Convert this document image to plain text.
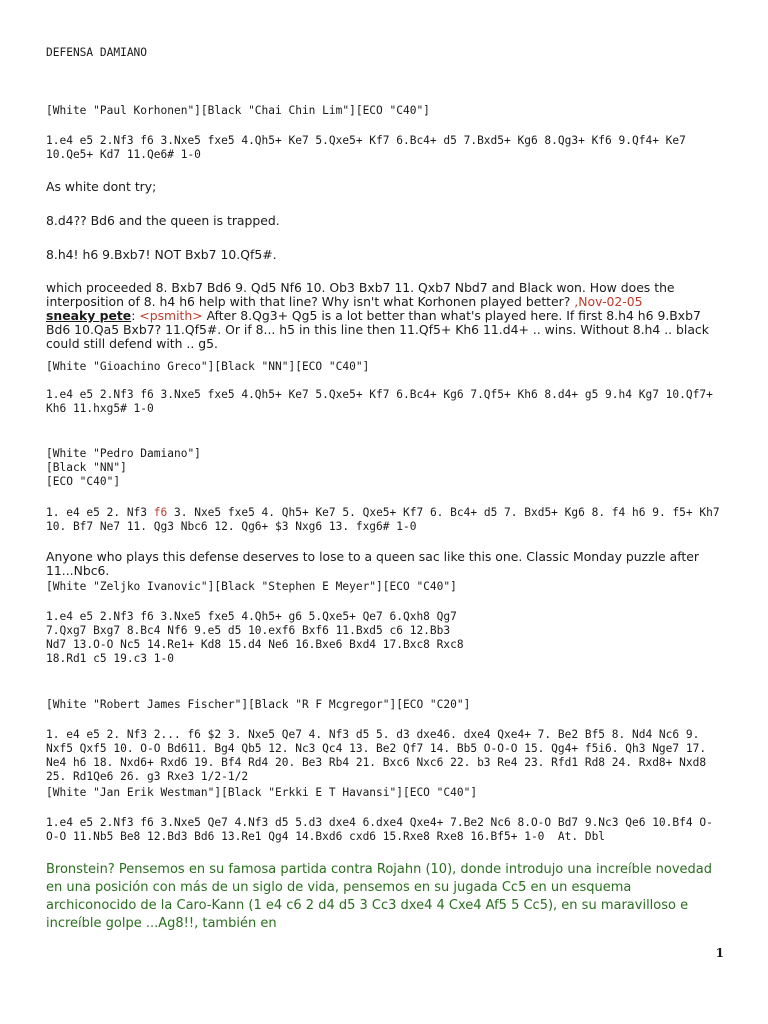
DEFENSA DAMIANO
[White "Paul Korhonen"][Black "Chai Chin Lim"][ECO "C40"]
1.e4 e5 2.Nf3 f6 3.Nxe5 fxe5 4.Qh5+ Ke7 5.Qxe5+ Kf7 6.Bc4+ d5 7.Bxd5+ Kg6 8.Qg3+ Kf6 9.Qf4+ Ke7 10.Qe5+ Kd7 11.Qe6# 1-0
As white dont try;
8.d4?? Bd6 and the queen is trapped.
8.h4! h6 9.Bxb7! NOT Bxb7 10.Qf5#.
which proceeded 8. Bxb7 Bd6 9. Qd5 Nf6 10. Ob3 Bxb7 11. Qxb7 Nbd7 and Black won. How does the interposition of 8. h4 h6 help with that line? Why isn't what Korhonen played better? ,Nov-02-05
sneaky pete: <psmith> After 8.Qg3+ Qg5 is a lot better than what's played here. If first 8.h4 h6 9.Bxb7 Bd6 10.Qa5 Bxb7? 11.Qf5#. Or if 8... h5 in this line then 11.Qf5+ Kh6 11.d4+ .. wins. Without 8.h4 .. black could still defend with .. g5.
[White "Gioachino Greco"][Black "NN"][ECO "C40"]
1.e4 e5 2.Nf3 f6 3.Nxe5 fxe5 4.Qh5+ Ke7 5.Qxe5+ Kf7 6.Bc4+ Kg6 7.Qf5+ Kh6 8.d4+ g5 9.h4 Kg7 10.Qf7+ Kh6 11.hxg5# 1-0
[White "Pedro Damiano"]
[Black "NN"]
[ECO "C40"]
1. e4 e5 2. Nf3 f6 3. Nxe5 fxe5 4. Qh5+ Ke7 5. Qxe5+ Kf7 6. Bc4+ d5 7. Bxd5+ Kg6 8. f4 h6 9. f5+ Kh7 10. Bf7 Ne7 11. Qg3 Nbc6 12. Qg6+ $3 Nxg6 13. fxg6# 1-0
Anyone who plays this defense deserves to lose to a queen sac like this one. Classic Monday puzzle after 11...Nbc6.
[White "Zeljko Ivanovic"][Black "Stephen E Meyer"][ECO "C40"]
1.e4 e5 2.Nf3 f6 3.Nxe5 fxe5 4.Qh5+ g6 5.Qxe5+ Qe7 6.Qxh8 Qg7
7.Qxg7 Bxg7 8.Bc4 Nf6 9.e5 d5 10.exf6 Bxf6 11.Bxd5 c6 12.Bb3
Nd7 13.O-O Nc5 14.Re1+ Kd8 15.d4 Ne6 16.Bxe6 Bxd4 17.Bxc8 Rxc8
18.Rd1 c5 19.c3 1-0
[White "Robert James Fischer"][Black "R F Mcgregor"][ECO "C20"]
1. e4 e5 2. Nf3 2... f6 $2 3. Nxe5 Qe7 4. Nf3 d5 5. d3 dxe46. dxe4 Qxe4+ 7. Be2 Bf5 8. Nd4 Nc6 9. Nxf5 Qxf5 10. O-O Bd611. Bg4 Qb5 12. Nc3 Qc4 13. Be2 Qf7 14. Bb5 O-O-O 15. Qg4+ f5i6. Qh3 Nge7 17. Ne4 h6 18. Nxd6+ Rxd6 19. Bf4 Rd4 20. Be3 Rb4 21. Bxc6 Nxc6 22. b3 Re4 23. Rfd1 Rd8 24. Rxd8+ Nxd8 25. Rd1Qe6 26. g3 Rxe3 1/2-1/2
[White "Jan Erik Westman"][Black "Erkki E T Havansi"][ECO "C40"]
1.e4 e5 2.Nf3 f6 3.Nxe5 Qe7 4.Nf3 d5 5.d3 dxe4 6.dxe4 Qxe4+ 7.Be2 Nc6 8.O-O Bd7 9.Nc3 Qe6 10.Bf4 O-O-O 11.Nb5 Be8 12.Bd3 Bd6 13.Re1 Qg4 14.Bxd6 cxd6 15.Rxe8 Rxe8 16.Bf5+ 1-0  At. Dbl
Bronstein? Pensemos en su famosa partida contra Rojahn (10), donde introdujo una increíble novedad en una posición con más de un siglo de vida, pensemos en su jugada Cc5 en un esquema archiconocido de la Caro-Kann (1 e4 c6 2 d4 d5 3 Cc3 dxe4 4 Cxe4 Af5 5 Cc5), en su maravilloso e increíble golpe ...Ag8!!, también en
1
